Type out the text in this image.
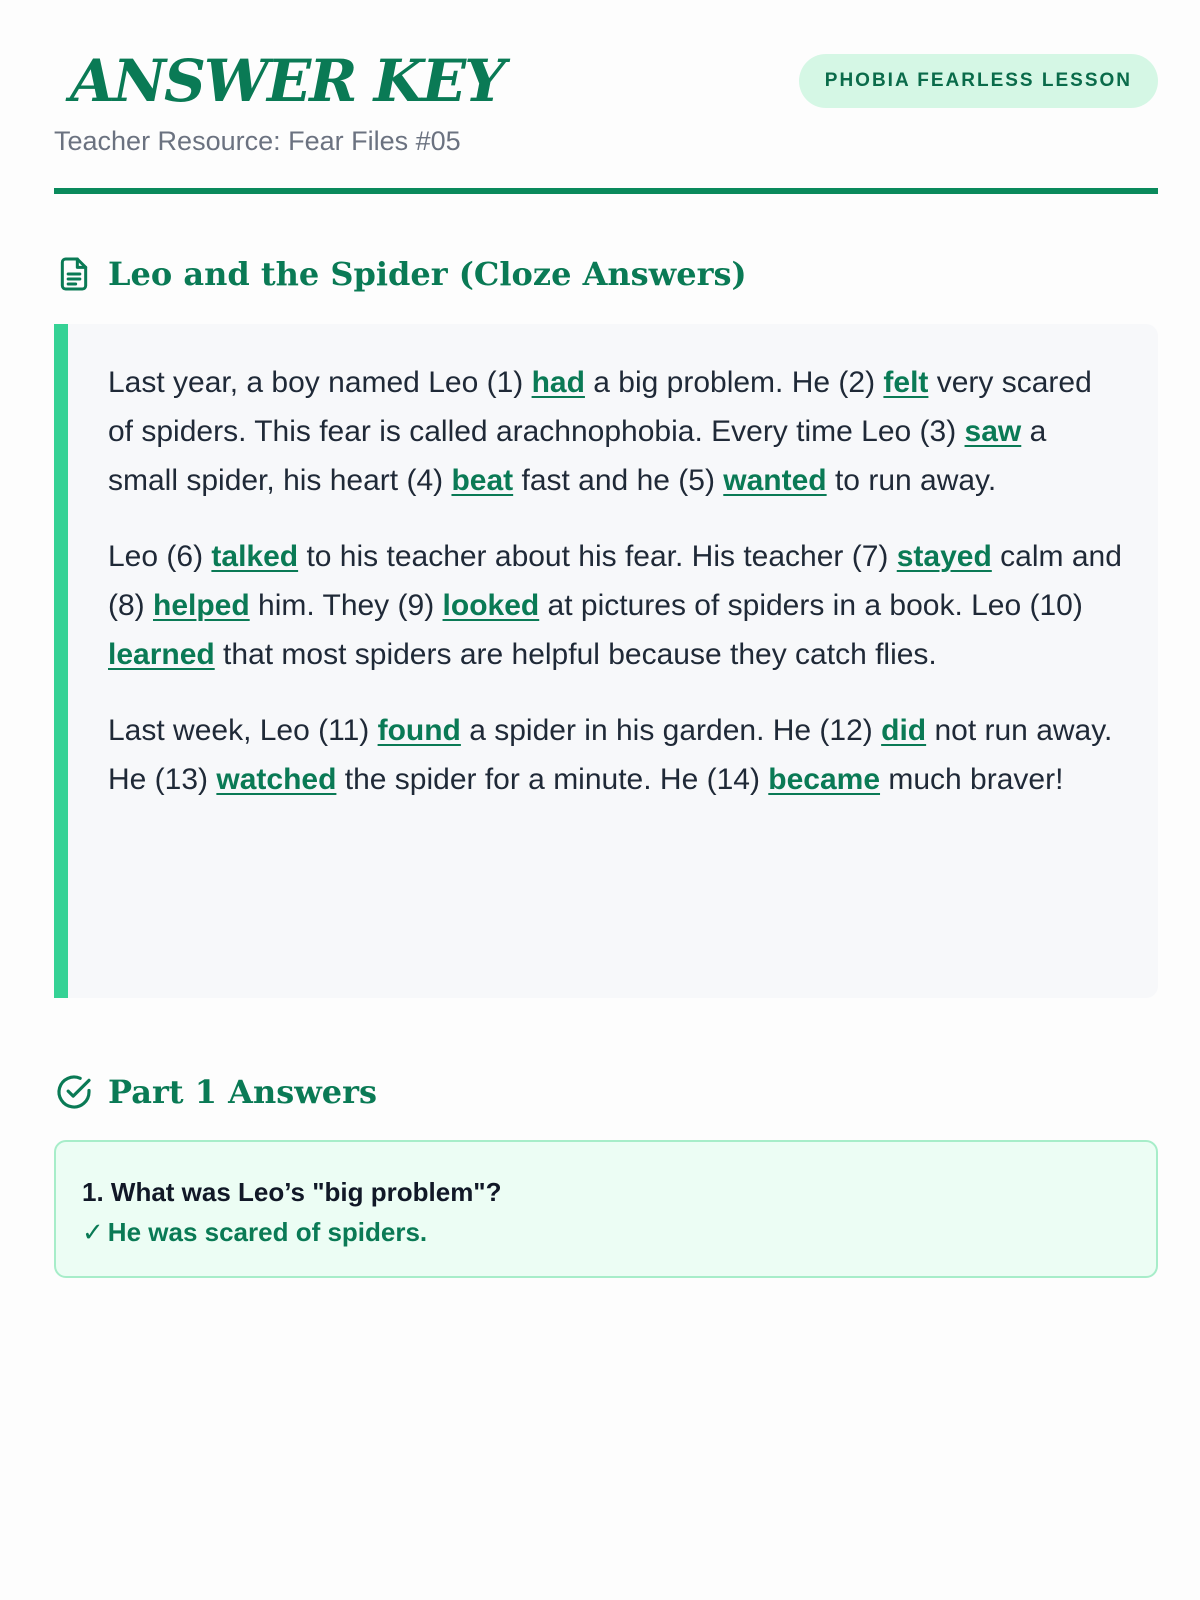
ANSWER KEY
Teacher Resource: Fear Files #05
PHOBIA FEARLESS LESSON
Leo and the Spider (Cloze Answers)

Last year, a boy named Leo (1) had a big problem. He (2) felt very scared of spiders. This fear is called arachnophobia. Every time Leo (3) saw a small spider, his heart (4) beat fast and he (5) wanted to run away.

Leo (6) talked to his teacher about his fear. His teacher (7) stayed calm and (8) helped him. They (9) looked at pictures of spiders in a book. Leo (10) learned that most spiders are helpful because they catch flies.

Last week, Leo (11) found a spider in his garden. He (12) did not run away. He (13) watched the spider for a minute. He (14) became much braver!

Part 1 Answers
1. What was Leo’s "big problem"?
✓ He was scared of spiders.
